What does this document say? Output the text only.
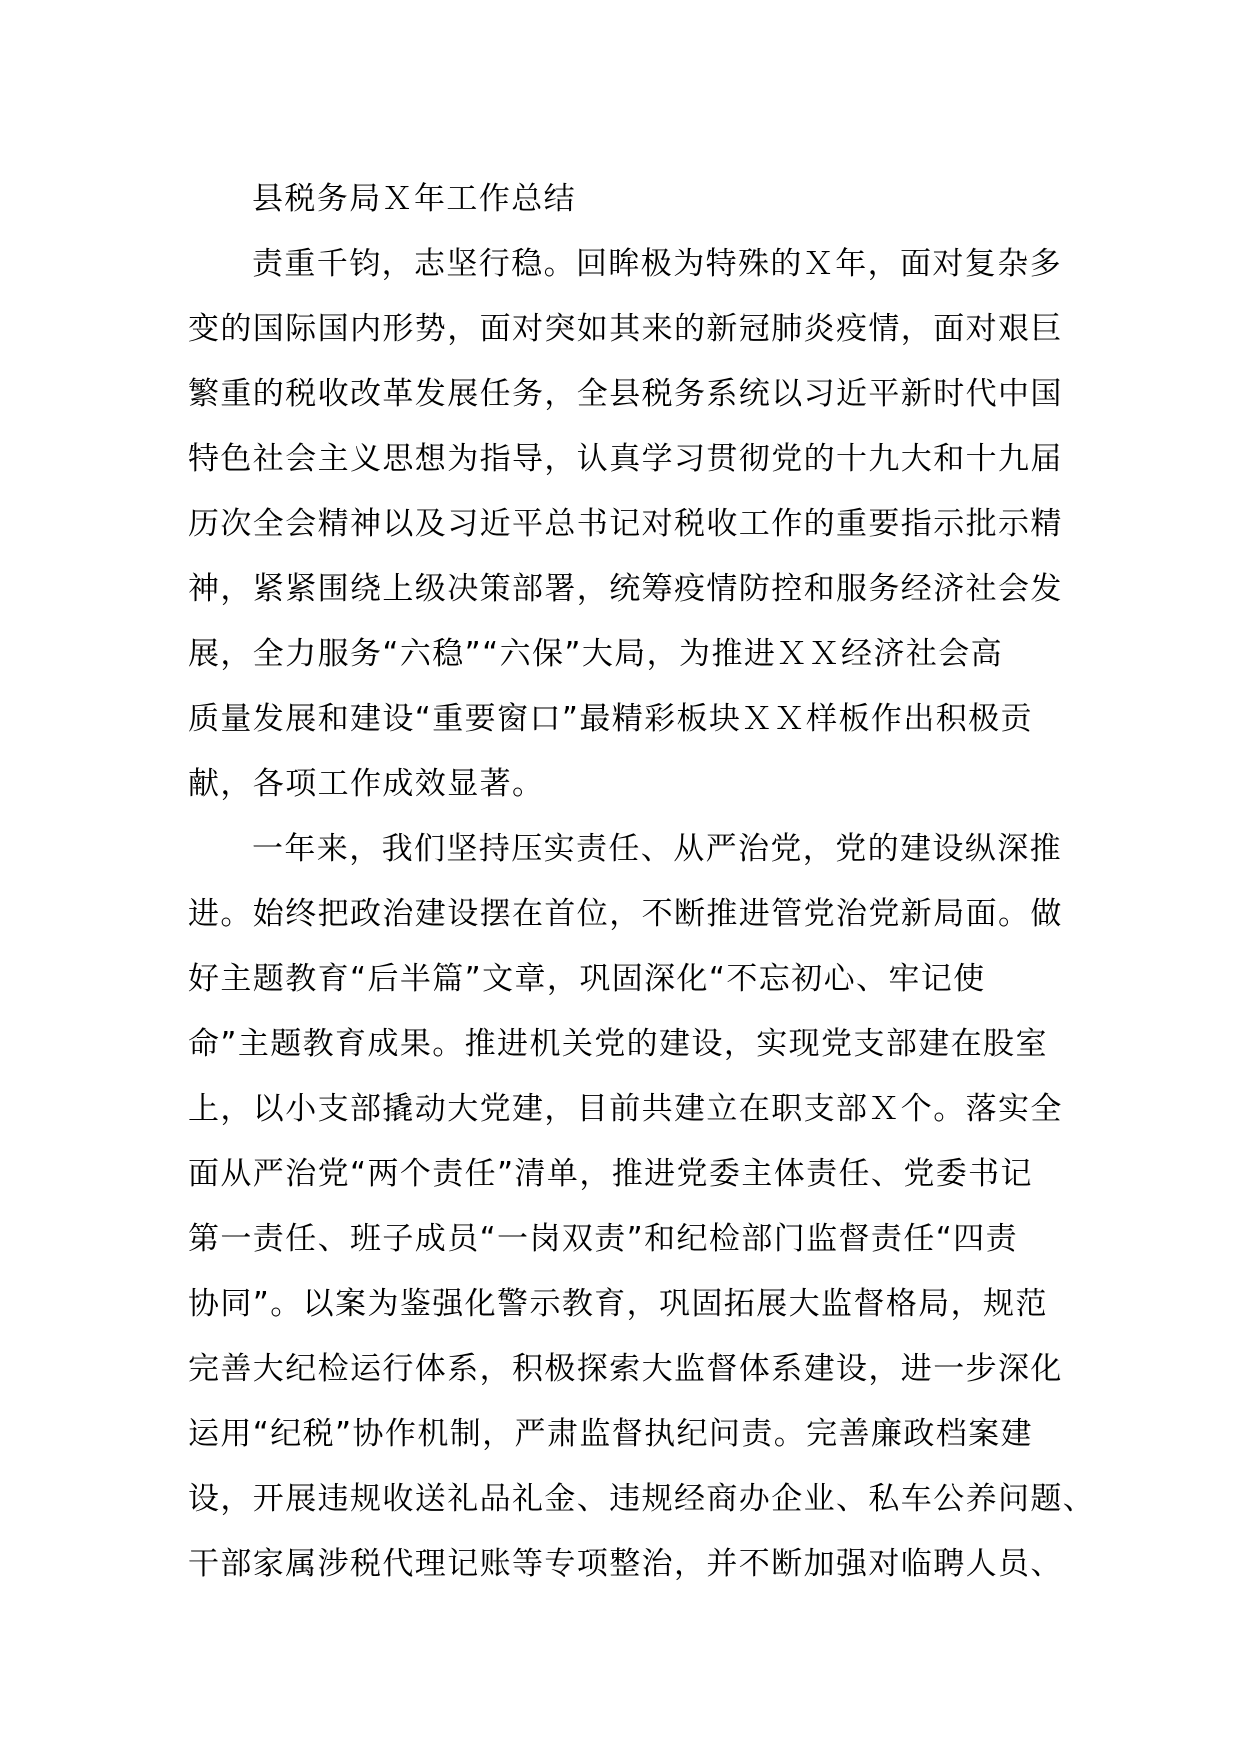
县税务局Ｘ年工作总结

责重千钧，志坚行稳。回眸极为特殊的Ｘ年，面对复杂多
变的国际国内形势，面对突如其来的新冠肺炎疫情，面对艰巨
繁重的税收改革发展任务，全县税务系统以习近平新时代中国
特色社会主义思想为指导，认真学习贯彻党的十九大和十九届
历次全会精神以及习近平总书记对税收工作的重要指示批示精
神，紧紧围绕上级决策部署，统筹疫情防控和服务经济社会发
展，全力服务“六稳”“六保”大局，为推进ＸＸ经济社会高
质量发展和建设“重要窗口”最精彩板块ＸＸ样板作出积极贡
献，各项工作成效显著。

一年来，我们坚持压实责任、从严治党，党的建设纵深推
进。始终把政治建设摆在首位，不断推进管党治党新局面。做
好主题教育“后半篇”文章，巩固深化“不忘初心、牢记使
命”主题教育成果。推进机关党的建设，实现党支部建在股室
上，以小支部撬动大党建，目前共建立在职支部Ｘ个。落实全
面从严治党“两个责任”清单，推进党委主体责任、党委书记
第一责任、班子成员“一岗双责”和纪检部门监督责任“四责
协同”。以案为鉴强化警示教育，巩固拓展大监督格局，规范
完善大纪检运行体系，积极探索大监督体系建设，进一步深化
运用“纪税”协作机制，严肃监督执纪问责。完善廉政档案建
设，开展违规收送礼品礼金、违规经商办企业、私车公养问题、
干部家属涉税代理记账等专项整治，并不断加强对临聘人员、
